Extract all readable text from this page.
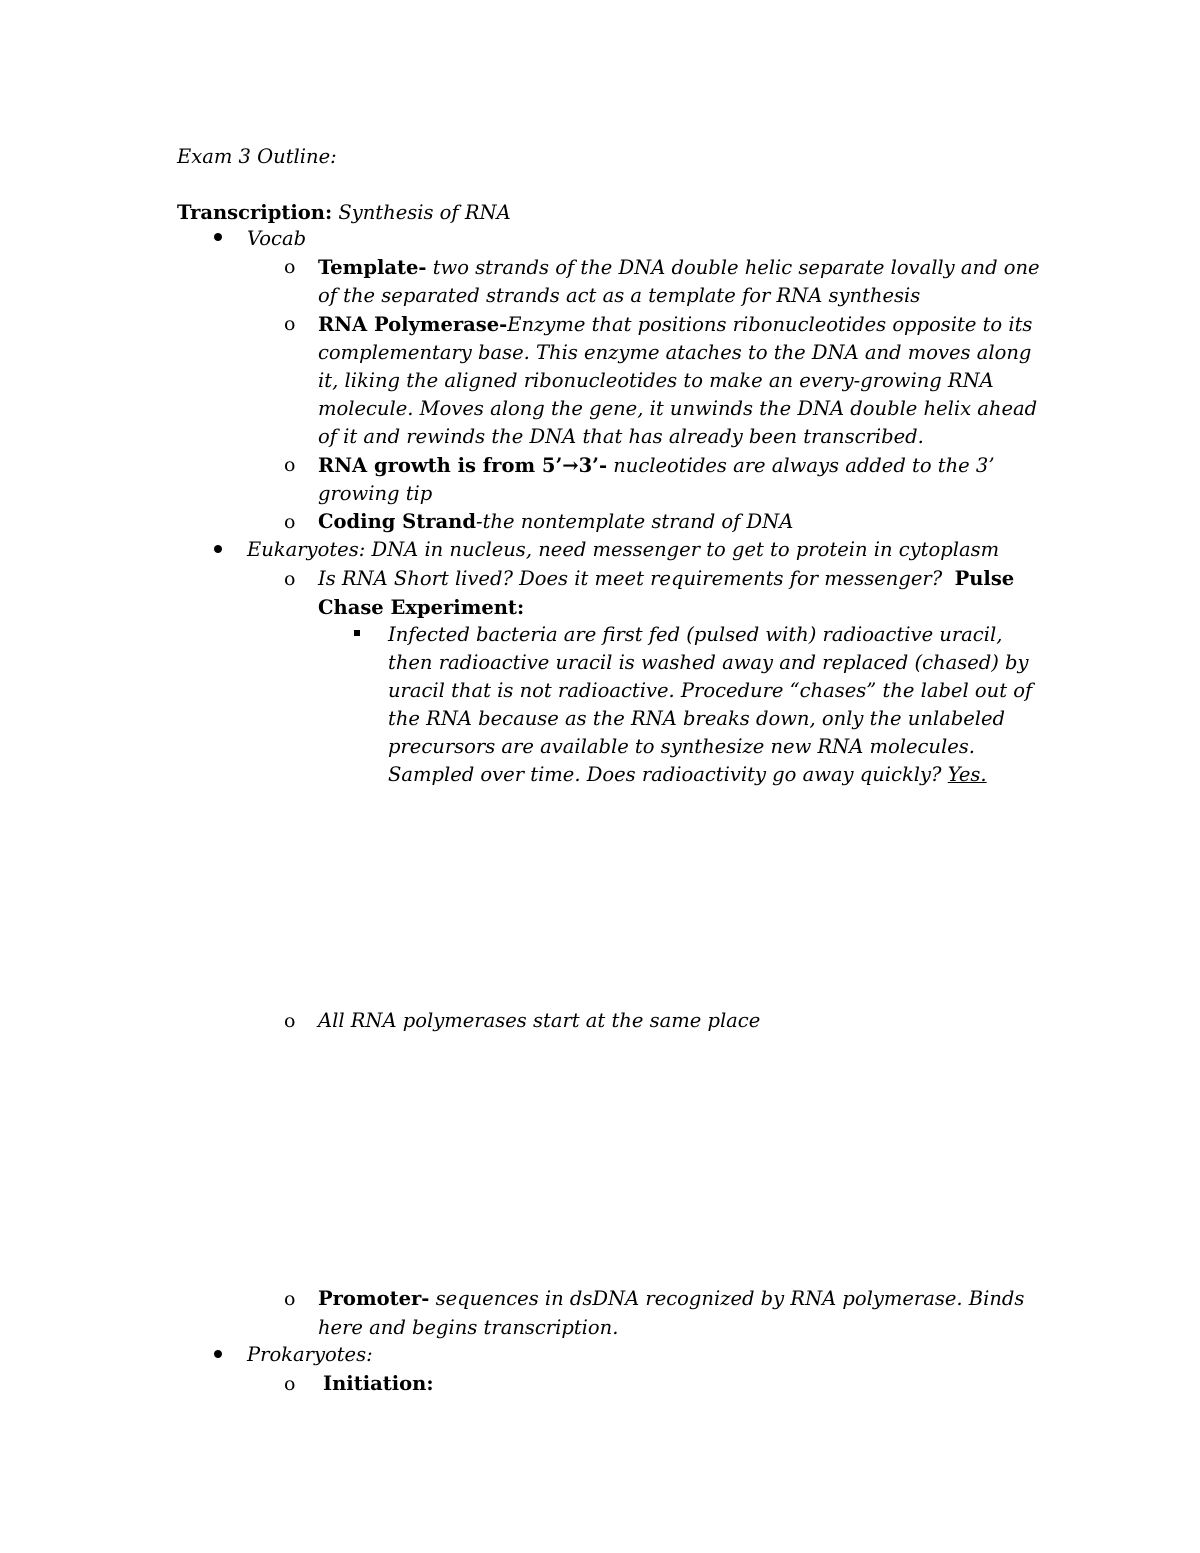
Exam 3 Outline:
Transcription: Synthesis of RNA
Vocab
o Template- two strands of the DNA double helic separate lovally and one
of the separated strands act as a template for RNA synthesis
o RNA Polymerase-Enzyme that positions ribonucleotides opposite to its
complementary base. This enzyme ataches to the DNA and moves along
it, liking the aligned ribonucleotides to make an every-growing RNA
molecule. Moves along the gene, it unwinds the DNA double helix ahead
of it and rewinds the DNA that has already been transcribed.
o RNA growth is from 5’→3’- nucleotides are always added to the 3’
growing tip
o Coding Strand-the nontemplate strand of DNA
Eukaryotes: DNA in nucleus, need messenger to get to protein in cytoplasm
o Is RNA Short lived? Does it meet requirements for messenger? Pulse
Chase Experiment:
Infected bacteria are first fed (pulsed with) radioactive uracil,
then radioactive uracil is washed away and replaced (chased) by
uracil that is not radioactive. Procedure “chases” the label out of
the RNA because as the RNA breaks down, only the unlabeled
precursors are available to synthesize new RNA molecules.
Sampled over time. Does radioactivity go away quickly? Yes.
o All RNA polymerases start at the same place
o Promoter- sequences in dsDNA recognized by RNA polymerase. Binds
here and begins transcription.
Prokaryotes:
o Initiation:
